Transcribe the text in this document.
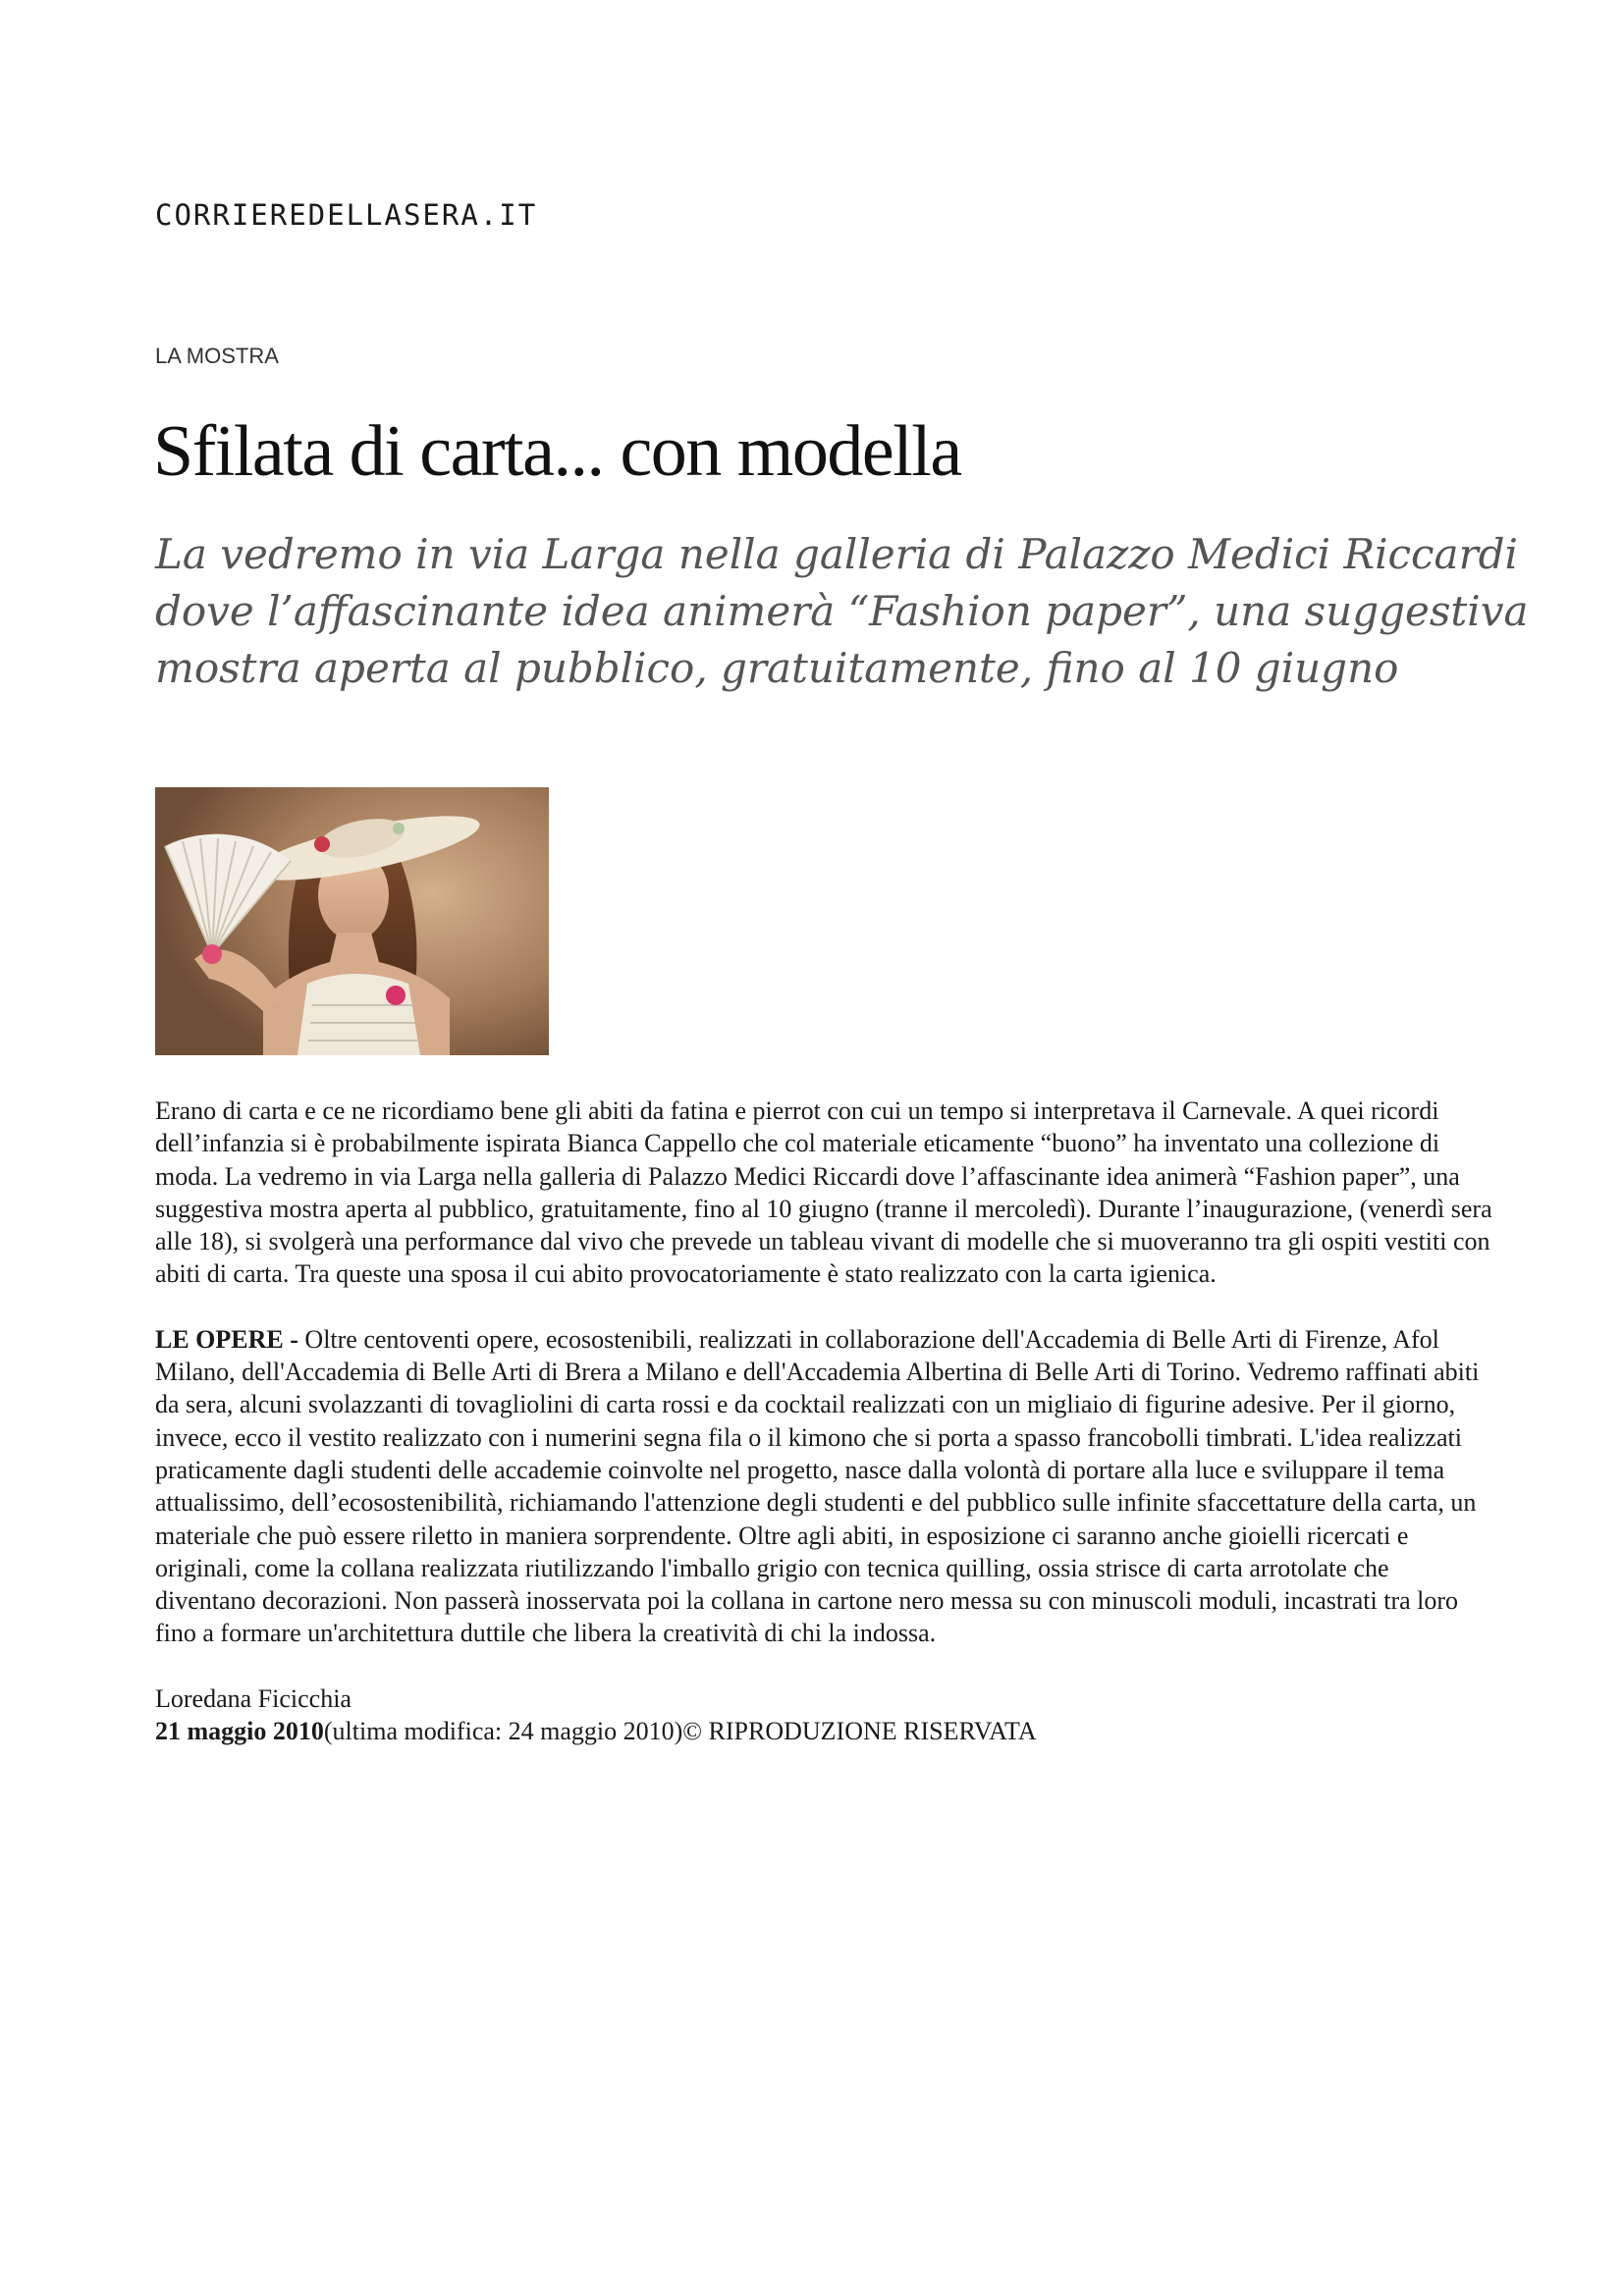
CORRIEREDELLASERA.IT
LA MOSTRA
Sfilata di carta... con modella
La vedremo in via Larga nella galleria di Palazzo Medici Riccardi dove l’affascinante idea animerà “Fashion paper”, una suggestiva mostra aperta al pubblico, gratuitamente, fino al 10 giugno

Erano di carta e ce ne ricordiamo bene gli abiti da fatina e pierrot con cui un tempo si interpretava il Carnevale. A quei ricordi dell’infanzia si è probabilmente ispirata Bianca Cappello che col materiale eticamente “buono” ha inventato una collezione di moda. La vedremo in via Larga nella galleria di Palazzo Medici Riccardi dove l’affascinante idea animerà “Fashion paper”, una suggestiva mostra aperta al pubblico, gratuitamente, fino al 10 giugno (tranne il mercoledì). Durante l’inaugurazione, (venerdì sera alle 18), si svolgerà una performance dal vivo che prevede un tableau vivant di modelle che si muoveranno tra gli ospiti vestiti con abiti di carta. Tra queste una sposa il cui abito provocatoriamente è stato realizzato con la carta igienica.

LE OPERE - Oltre centoventi opere, ecosostenibili, realizzati in collaborazione dell'Accademia di Belle Arti di Firenze, Afol Milano, dell'Accademia di Belle Arti di Brera a Milano e dell'Accademia Albertina di Belle Arti di Torino. Vedremo raffinati abiti da sera, alcuni svolazzanti di tovagliolini di carta rossi e da cocktail realizzati con un migliaio di figurine adesive. Per il giorno, invece, ecco il vestito realizzato con i numerini segna fila o il kimono che si porta a spasso francobolli timbrati. L'idea realizzati praticamente dagli studenti delle accademie coinvolte nel progetto, nasce dalla volontà di portare alla luce e sviluppare il tema attualissimo, dell’ecosostenibilità, richiamando l'attenzione degli studenti e del pubblico sulle infinite sfaccettature della carta, un materiale che può essere riletto in maniera sorprendente. Oltre agli abiti, in esposizione ci saranno anche gioielli ricercati e originali, come la collana realizzata riutilizzando l'imballo grigio con tecnica quilling, ossia strisce di carta arrotolate che diventano decorazioni. Non passerà inosservata poi la collana in cartone nero messa su con minuscoli moduli, incastrati tra loro fino a formare un'architettura duttile che libera la creatività di chi la indossa.

Loredana Ficicchia
21 maggio 2010(ultima modifica: 24 maggio 2010)© RIPRODUZIONE RISERVATA
